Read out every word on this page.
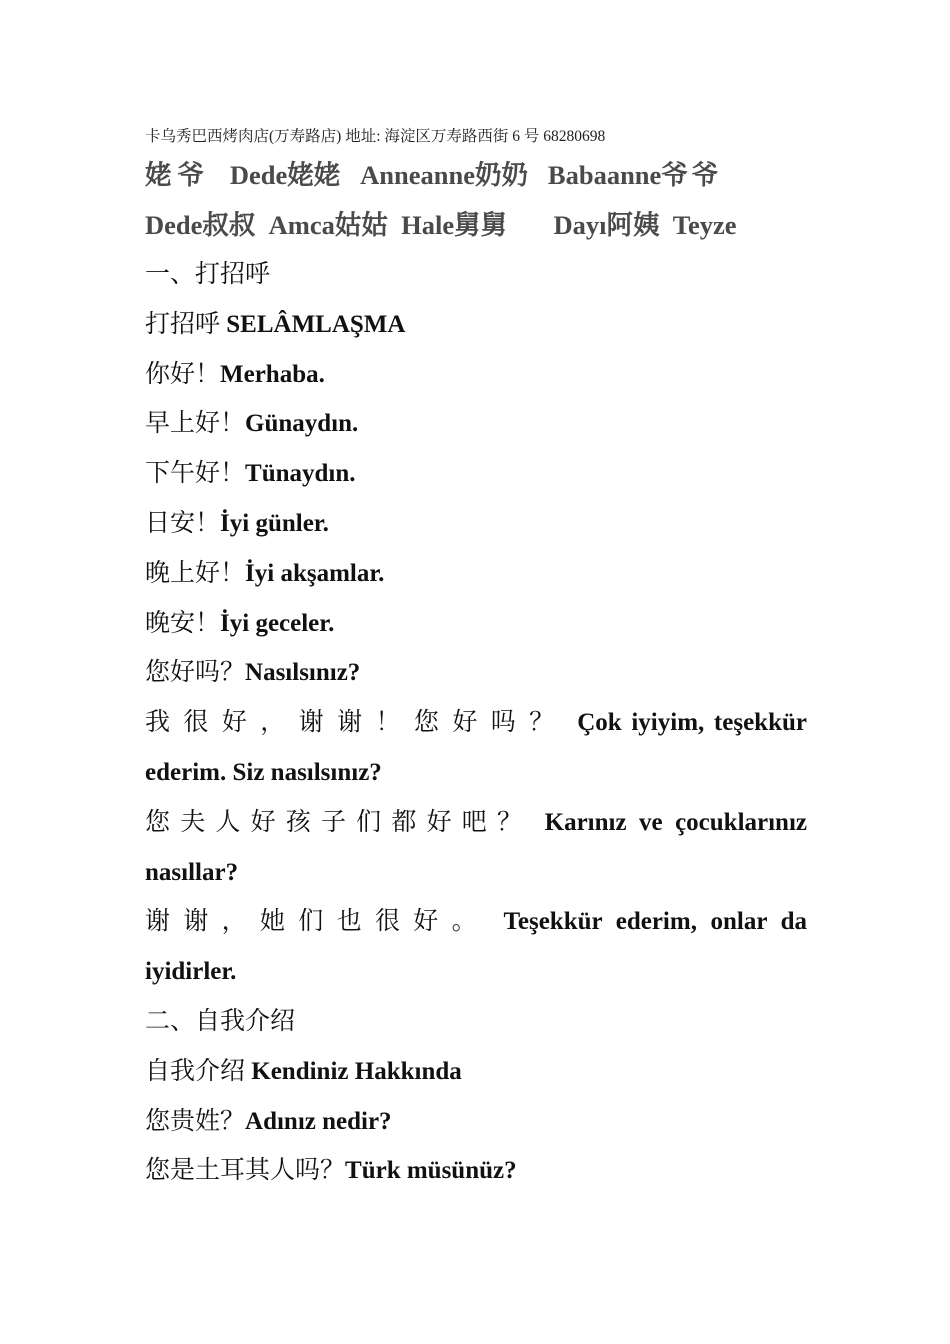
卡乌秀巴西烤肉店(万寿路店) 地址: 海淀区万寿路西街 6 号 68280698
姥爷 Dede姥姥 Anneanne奶奶 Babaanne爷爷
Dede叔叔 Amca姑姑 Hale舅舅 Dayı阿姨 Teyze
一、打招呼
打招呼 SELÂMLAŞMA
你好！Merhaba.
早上好！Günaydın.
下午好！Tünaydın.
日安！İyi günler.
晚上好！İyi akşamlar.
晚安！İyi geceler.
您好吗？Nasılsınız?
我很好，谢谢！您好吗？ Çok iyiyim, teşekkür
ederim. Siz nasılsınız?
您夫人好孩子们都好吧？ Karınız ve çocuklarınız
nasıllar?
谢谢，她们也很好。 Teşekkür ederim, onlar da
iyidirler.
二、自我介绍
自我介绍 Kendiniz Hakkında
您贵姓？Adınız nedir?
您是土耳其人吗？Türk müsünüz?
